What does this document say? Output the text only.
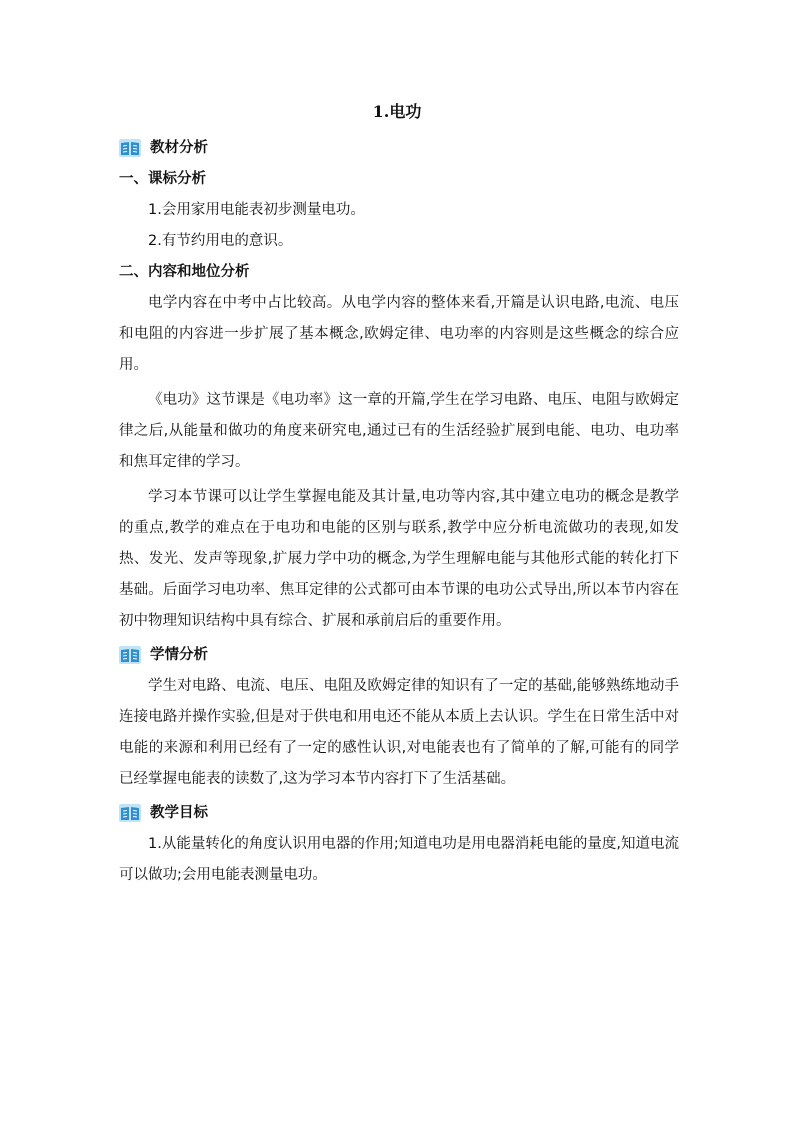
1.电功
教材分析
一、课标分析

1.会用家用电能表初步测量电功。

2.有节约用电的意识。

二、内容和地位分析

电学内容在中考中占比较高。从电学内容的整体来看,开篇是认识电路,电流、电压和电阻的内容进一步扩展了基本概念,欧姆定律、电功率的内容则是这些概念的综合应用。

《电功》这节课是《电功率》这一章的开篇,学生在学习电路、电压、电阻与欧姆定律之后,从能量和做功的角度来研究电,通过已有的生活经验扩展到电能、电功、电功率和焦耳定律的学习。

学习本节课可以让学生掌握电能及其计量,电功等内容,其中建立电功的概念是教学的重点,教学的难点在于电功和电能的区别与联系,教学中应分析电流做功的表现,如发热、发光、发声等现象,扩展力学中功的概念,为学生理解电能与其他形式能的转化打下基础。后面学习电功率、焦耳定律的公式都可由本节课的电功公式导出,所以本节内容在初中物理知识结构中具有综合、扩展和承前启后的重要作用。

学情分析

学生对电路、电流、电压、电阻及欧姆定律的知识有了一定的基础,能够熟练地动手连接电路并操作实验,但是对于供电和用电还不能从本质上去认识。学生在日常生活中对电能的来源和利用已经有了一定的感性认识,对电能表也有了简单的了解,可能有的同学已经掌握电能表的读数了,这为学习本节内容打下了生活基础。

教学目标

1.从能量转化的角度认识用电器的作用;知道电功是用电器消耗电能的量度,知道电流可以做功;会用电能表测量电功。
